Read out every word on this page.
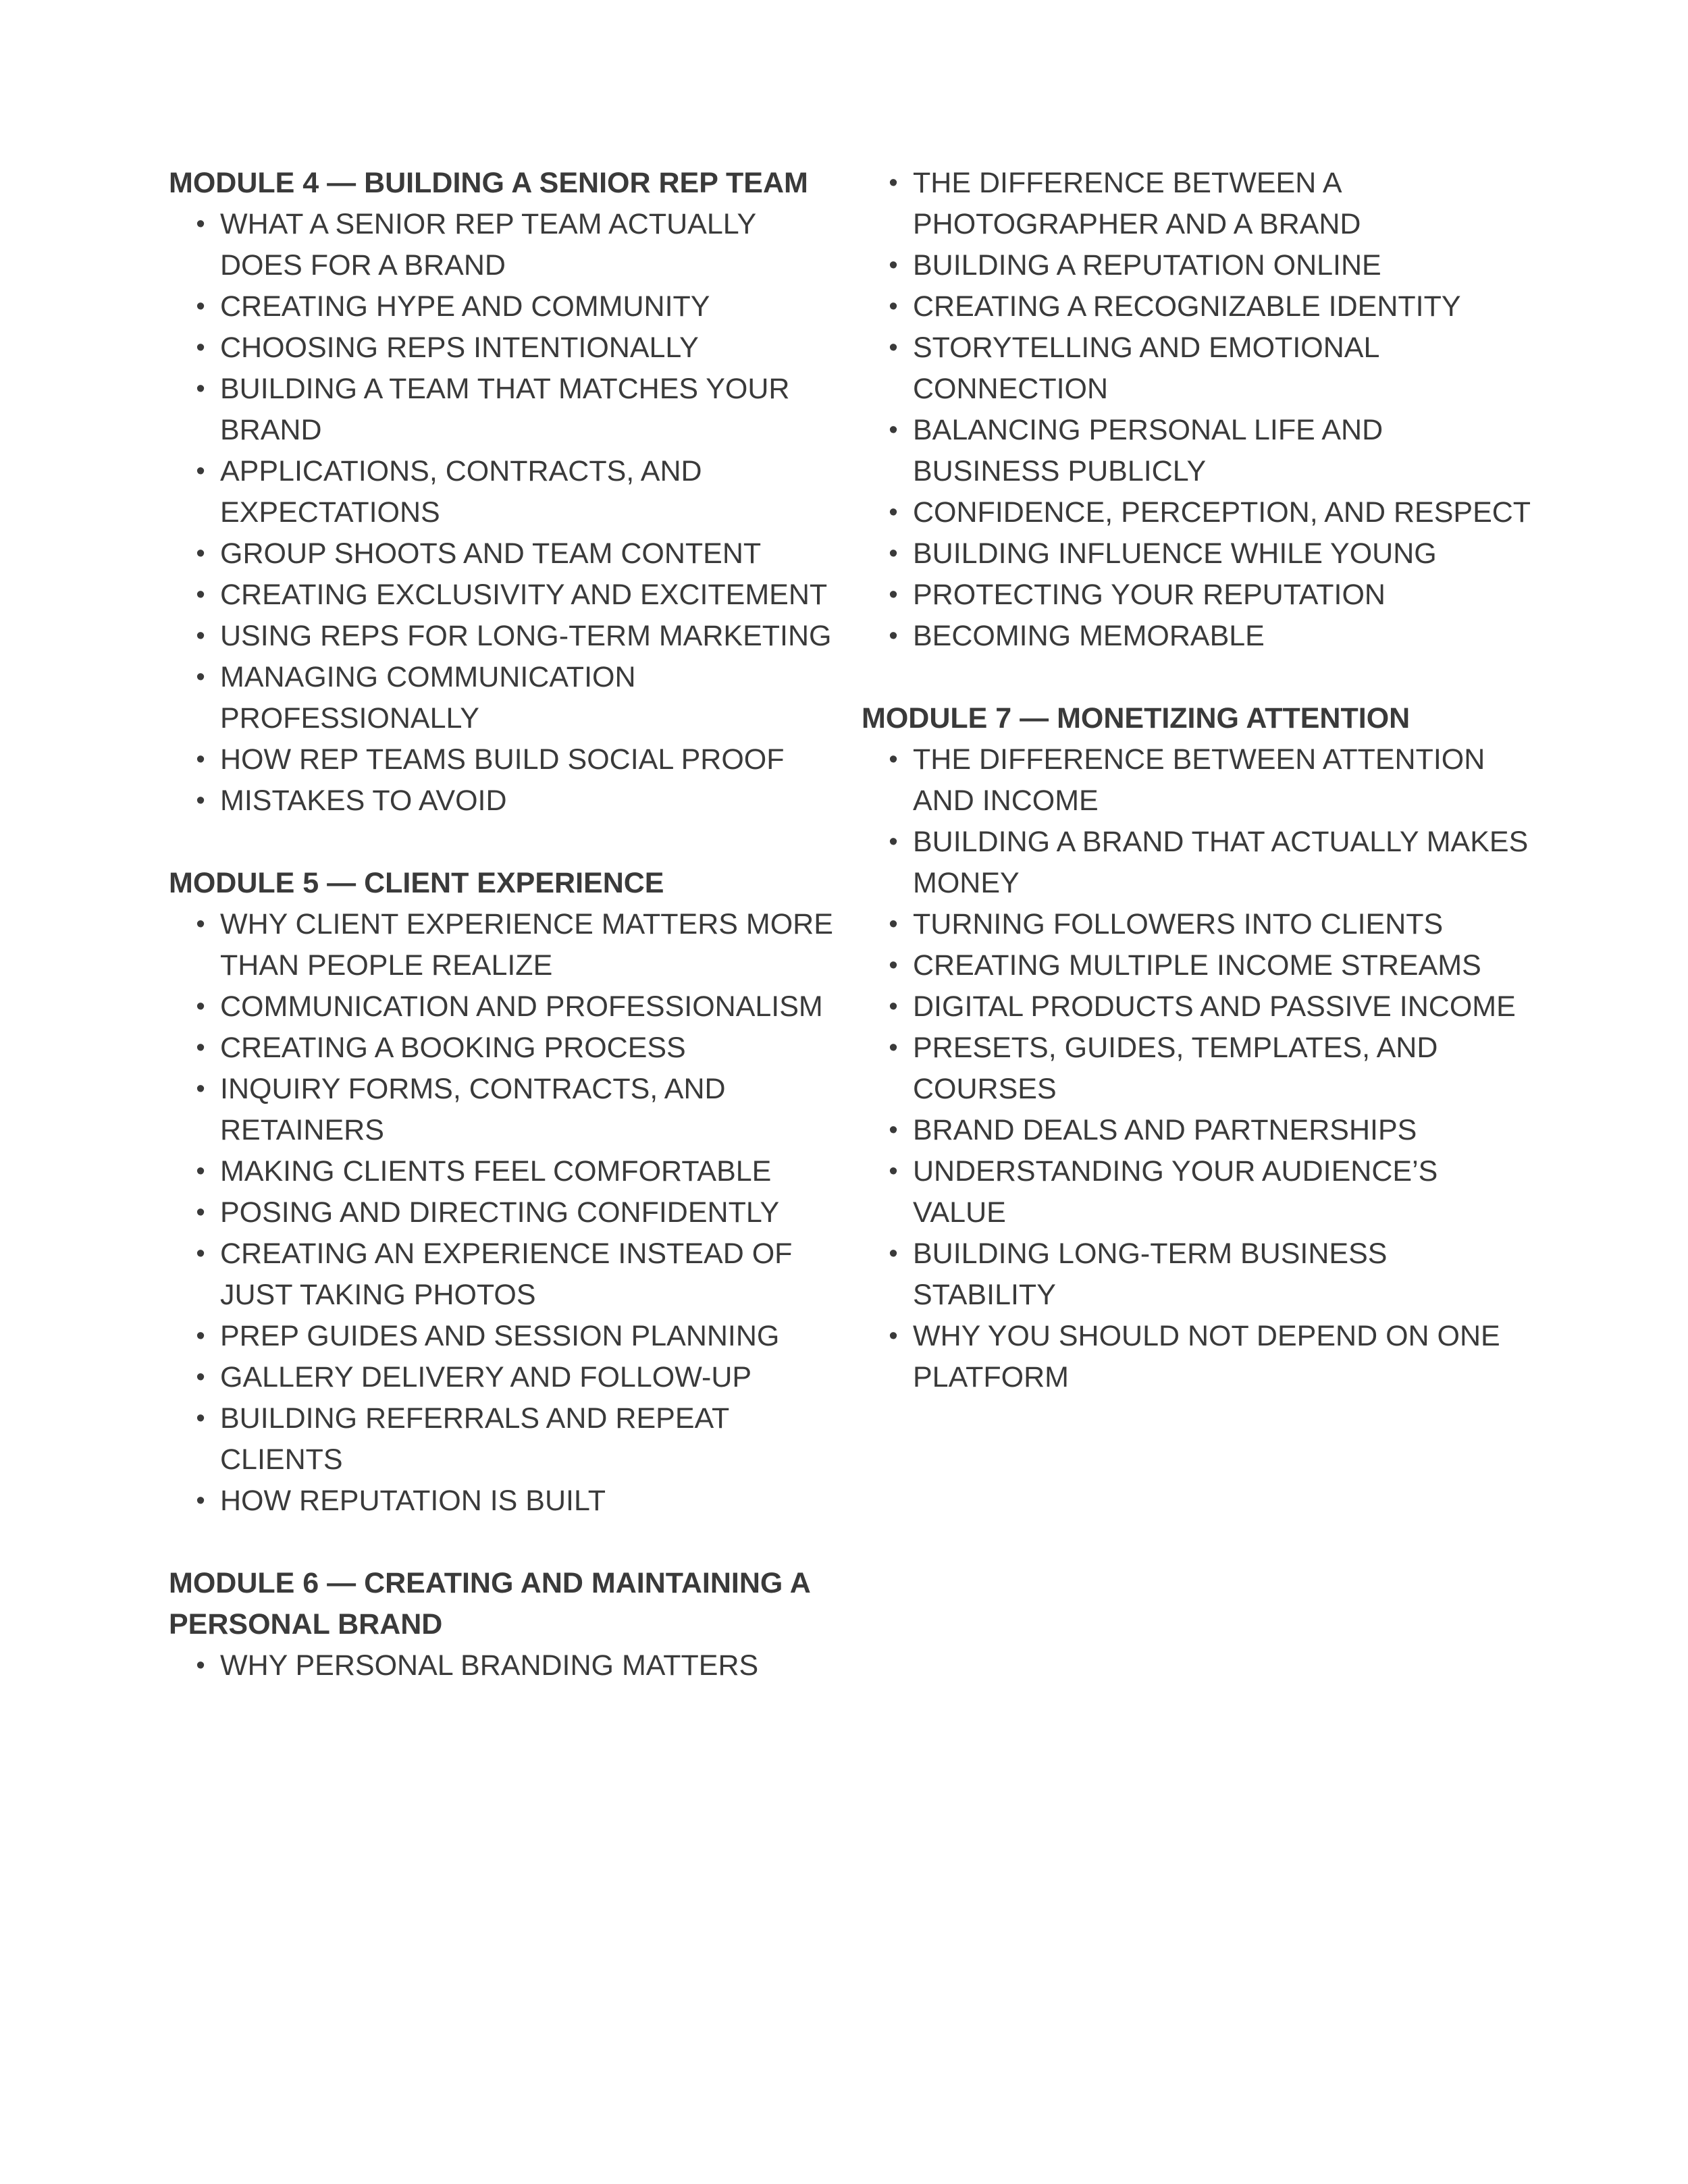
MODULE 4 — BUILDING A SENIOR REP TEAM
• WHAT A SENIOR REP TEAM ACTUALLY DOES FOR A BRAND
• CREATING HYPE AND COMMUNITY
• CHOOSING REPS INTENTIONALLY
• BUILDING A TEAM THAT MATCHES YOUR BRAND
• APPLICATIONS, CONTRACTS, AND EXPECTATIONS
• GROUP SHOOTS AND TEAM CONTENT
• CREATING EXCLUSIVITY AND EXCITEMENT
• USING REPS FOR LONG-TERM MARKETING
• MANAGING COMMUNICATION PROFESSIONALLY
• HOW REP TEAMS BUILD SOCIAL PROOF
• MISTAKES TO AVOID
MODULE 5 — CLIENT EXPERIENCE
• WHY CLIENT EXPERIENCE MATTERS MORE THAN PEOPLE REALIZE
• COMMUNICATION AND PROFESSIONALISM
• CREATING A BOOKING PROCESS
• INQUIRY FORMS, CONTRACTS, AND RETAINERS
• MAKING CLIENTS FEEL COMFORTABLE
• POSING AND DIRECTING CONFIDENTLY
• CREATING AN EXPERIENCE INSTEAD OF JUST TAKING PHOTOS
• PREP GUIDES AND SESSION PLANNING
• GALLERY DELIVERY AND FOLLOW-UP
• BUILDING REFERRALS AND REPEAT CLIENTS
• HOW REPUTATION IS BUILT
MODULE 6 — CREATING AND MAINTAINING A PERSONAL BRAND
• WHY PERSONAL BRANDING MATTERS
• THE DIFFERENCE BETWEEN A PHOTOGRAPHER AND A BRAND
• BUILDING A REPUTATION ONLINE
• CREATING A RECOGNIZABLE IDENTITY
• STORYTELLING AND EMOTIONAL CONNECTION
• BALANCING PERSONAL LIFE AND BUSINESS PUBLICLY
• CONFIDENCE, PERCEPTION, AND RESPECT
• BUILDING INFLUENCE WHILE YOUNG
• PROTECTING YOUR REPUTATION
• BECOMING MEMORABLE
MODULE 7 — MONETIZING ATTENTION
• THE DIFFERENCE BETWEEN ATTENTION AND INCOME
• BUILDING A BRAND THAT ACTUALLY MAKES MONEY
• TURNING FOLLOWERS INTO CLIENTS
• CREATING MULTIPLE INCOME STREAMS
• DIGITAL PRODUCTS AND PASSIVE INCOME
• PRESETS, GUIDES, TEMPLATES, AND COURSES
• BRAND DEALS AND PARTNERSHIPS
• UNDERSTANDING YOUR AUDIENCE’S VALUE
• BUILDING LONG-TERM BUSINESS STABILITY
• WHY YOU SHOULD NOT DEPEND ON ONE PLATFORM
